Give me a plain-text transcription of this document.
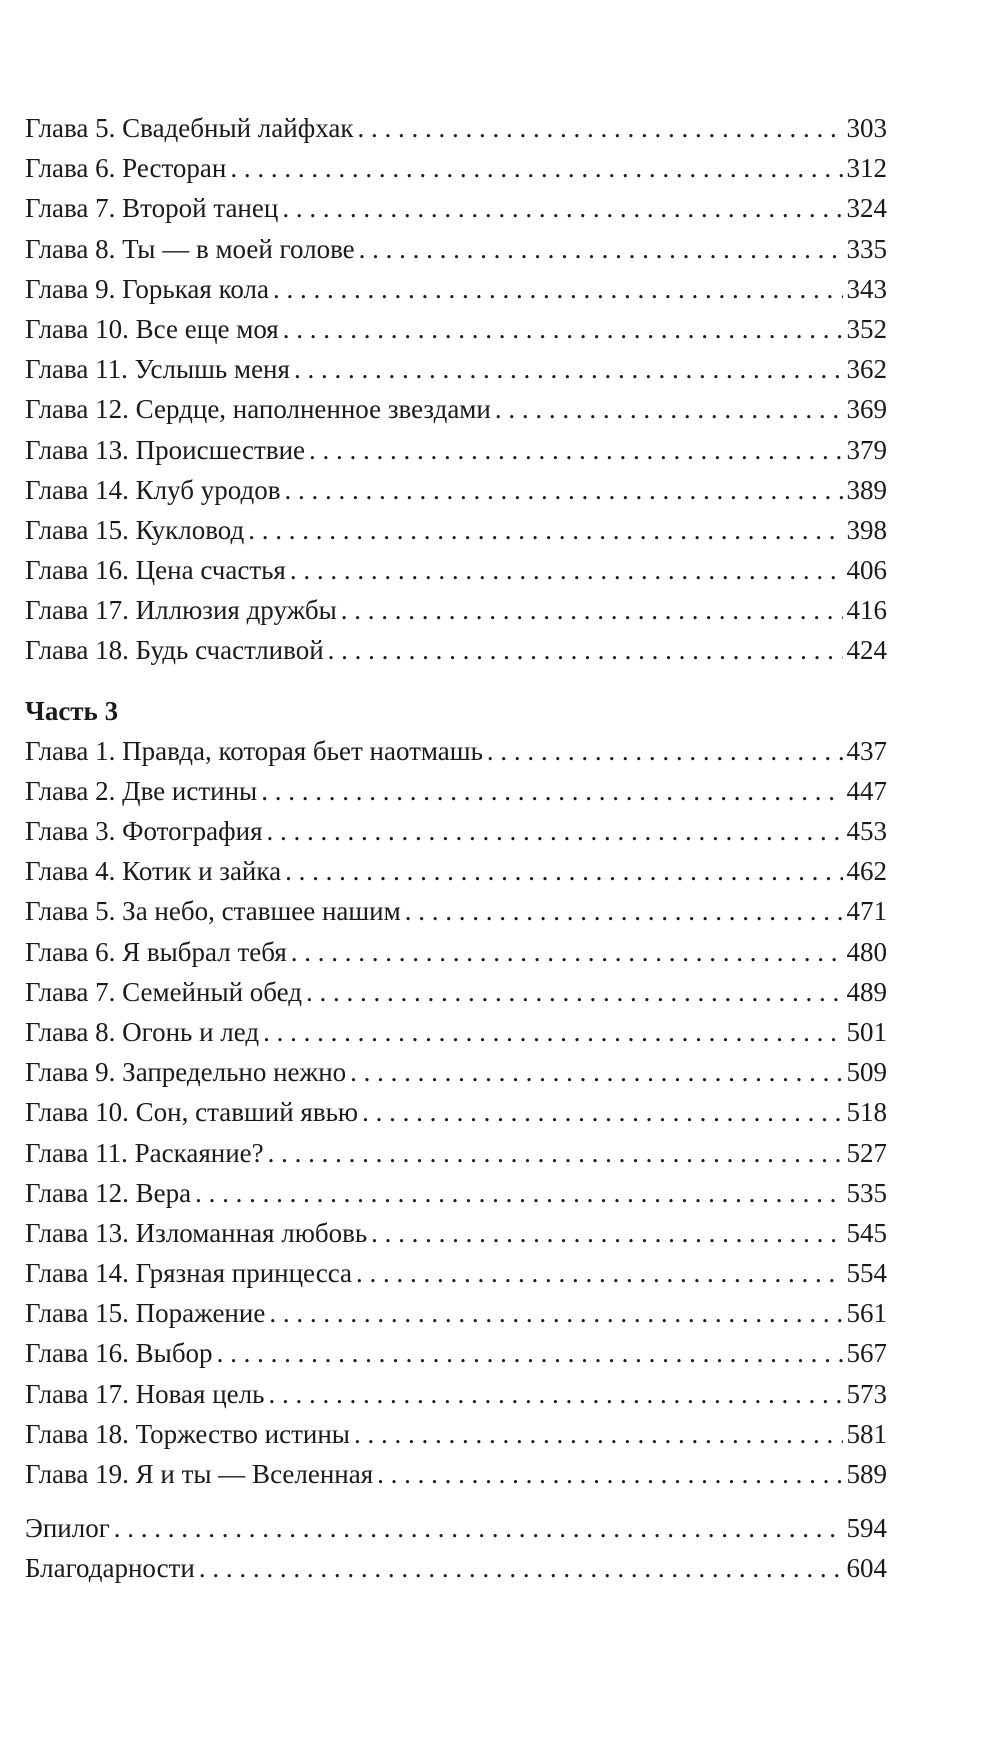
Глава 5. Свадебный лайфхак . . .	303
Глава 6. Ресторан . . .	312
Глава 7. Второй танец . . .	324
Глава 8. Ты — в моей голове . . .	335
Глава 9. Горькая кола . . .	343
Глава 10. Все еще моя . . .	352
Глава 11. Услышь меня . . .	362
Глава 12. Сердце, наполненное звездами . . .	369
Глава 13. Происшествие . . .	379
Глава 14. Клуб уродов . . .	389
Глава 15. Кукловод . . .	398
Глава 16. Цена счастья . . .	406
Глава 17. Иллюзия дружбы . . .	416
Глава 18. Будь счастливой . . .	424
Часть 3
Глава 1. Правда, которая бьет наотмашь . . .	437
Глава 2. Две истины . . .	447
Глава 3. Фотография . . .	453
Глава 4. Котик и зайка . . .	462
Глава 5. За небо, ставшее нашим . . .	471
Глава 6. Я выбрал тебя . . .	480
Глава 7. Семейный обед . . .	489
Глава 8. Огонь и лед . . .	501
Глава 9. Запредельно нежно . . .	509
Глава 10. Сон, ставший явью . . .	518
Глава 11. Раскаяние? . . .	527
Глава 12. Вера . . .	535
Глава 13. Изломанная любовь . . .	545
Глава 14. Грязная принцесса . . .	554
Глава 15. Поражение . . .	561
Глава 16. Выбор . . .	567
Глава 17. Новая цель . . .	573
Глава 18. Торжество истины . . .	581
Глава 19. Я и ты — Вселенная . . .	589
Эпилог . . .	594
Благодарности . . .	604
